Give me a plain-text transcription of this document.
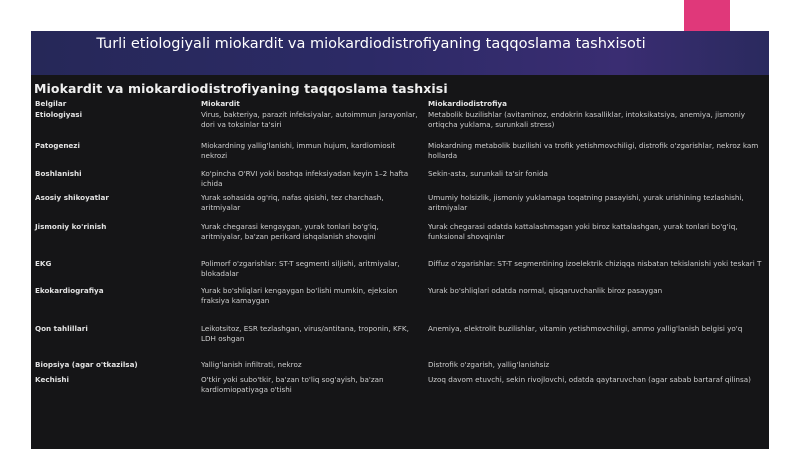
Turli etiologiyali miokardit va miokardiodistrofiyaning taqqoslama tashxisoti
Miokardit va miokardiodistrofiyaning taqqoslama tashxisi
Belgilar	Miokardit	Miokardiodistrofiya
Etiologiyasi	Virus, bakteriya, parazit infeksiyalar, autoimmun jarayonlar, dori va toksinlar ta'siri	Metabolik buzilishlar (avitaminoz, endokrin kasalliklar, intoksikatsiya, anemiya, jismoniy ortiqcha yuklama, surunkali stress)
Patogenezi	Miokardning yallig'lanishi, immun hujum, kardiomiosit nekrozi	Miokardning metabolik buzilishi va trofik yetishmovchiligi, distrofik o'zgarishlar, nekroz kam hollarda
Boshlanishi	Ko'pincha O'RVI yoki boshqa infeksiyadan keyin 1–2 hafta ichida	Sekin-asta, surunkali ta'sir fonida
Asosiy shikoyatlar	Yurak sohasida og'riq, nafas qisishi, tez charchash, aritmiyalar	Umumiy holsizlik, jismoniy yuklamaga toqatning pasayishi, yurak urishining tezlashishi, aritmiyalar
Jismoniy ko'rinish	Yurak chegarasi kengaygan, yurak tonlari bo'g'iq, aritmiyalar, ba'zan perikard ishqalanish shovqini	Yurak chegarasi odatda kattalashmagan yoki biroz kattalashgan, yurak tonlari bo'g'iq, funksional shovqinlar
EKG	Polimorf o'zgarishlar: ST-T segmenti siljishi, aritmiyalar, blokadalar	Diffuz o'zgarishlar: ST-T segmentining izoelektrik chiziqqa nisbatan tekislanishi yoki teskari T
Ekokardiografiya	Yurak bo'shliqlari kengaygan bo'lishi mumkin, ejeksion fraksiya kamaygan	Yurak bo'shliqlari odatda normal, qisqaruvchanlik biroz pasaygan
Qon tahlillari	Leikotsitoz, ESR tezlashgan, virus/antitana, troponin, KFK, LDH oshgan	Anemiya, elektrolit buzilishlar, vitamin yetishmovchiligi, ammo yallig'lanish belgisi yo'q
Biopsiya (agar o'tkazilsa)	Yallig'lanish infiltrati, nekroz	Distrofik o'zgarish, yallig'lanishsiz
Kechishi	O'tkir yoki subo'tkir, ba'zan to'liq sog'ayish, ba'zan kardiomiopatiyaga o'tishi	Uzoq davom etuvchi, sekin rivojlovchi, odatda qaytaruvchan (agar sabab bartaraf qilinsa)
